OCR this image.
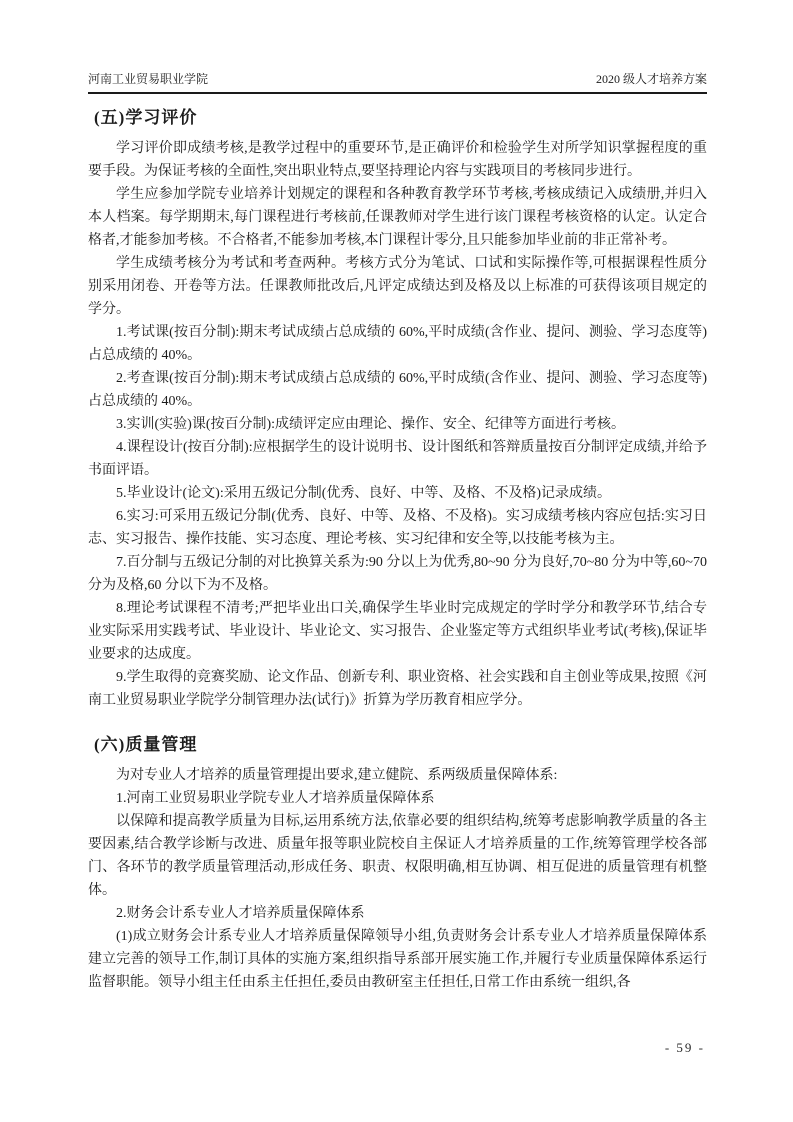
河南工业贸易职业学院	2020 级人才培养方案
(五)学习评价

学习评价即成绩考核,是教学过程中的重要环节,是正确评价和检验学生对所学知识掌握程度的重要手段。为保证考核的全面性,突出职业特点,要坚持理论内容与实践项目的考核同步进行。

学生应参加学院专业培养计划规定的课程和各种教育教学环节考核,考核成绩记入成绩册,并归入本人档案。每学期期末,每门课程进行考核前,任课教师对学生进行该门课程考核资格的认定。认定合格者,才能参加考核。不合格者,不能参加考核,本门课程计零分,且只能参加毕业前的非正常补考。

学生成绩考核分为考试和考查两种。考核方式分为笔试、口试和实际操作等,可根据课程性质分别采用闭卷、开卷等方法。任课教师批改后,凡评定成绩达到及格及以上标准的可获得该项目规定的学分。

1.考试课(按百分制):期末考试成绩占总成绩的 60%,平时成绩(含作业、提问、测验、学习态度等)占总成绩的 40%。

2.考查课(按百分制):期末考试成绩占总成绩的 60%,平时成绩(含作业、提问、测验、学习态度等)占总成绩的 40%。

3.实训(实验)课(按百分制):成绩评定应由理论、操作、安全、纪律等方面进行考核。

4.课程设计(按百分制):应根据学生的设计说明书、设计图纸和答辩质量按百分制评定成绩,并给予书面评语。

5.毕业设计(论文):采用五级记分制(优秀、良好、中等、及格、不及格)记录成绩。

6.实习:可采用五级记分制(优秀、良好、中等、及格、不及格)。实习成绩考核内容应包括:实习日志、实习报告、操作技能、实习态度、理论考核、实习纪律和安全等,以技能考核为主。

7.百分制与五级记分制的对比换算关系为:90 分以上为优秀,80~90 分为良好,70~80 分为中等,60~70 分为及格,60 分以下为不及格。

8.理论考试课程不清考;严把毕业出口关,确保学生毕业时完成规定的学时学分和教学环节,结合专业实际采用实践考试、毕业设计、毕业论文、实习报告、企业鉴定等方式组织毕业考试(考核),保证毕业要求的达成度。

9.学生取得的竞赛奖励、论文作品、创新专利、职业资格、社会实践和自主创业等成果,按照《河南工业贸易职业学院学分制管理办法(试行)》折算为学历教育相应学分。

(六)质量管理

为对专业人才培养的质量管理提出要求,建立健院、系两级质量保障体系:

1.河南工业贸易职业学院专业人才培养质量保障体系

以保障和提高教学质量为目标,运用系统方法,依靠必要的组织结构,统筹考虑影响教学质量的各主要因素,结合教学诊断与改进、质量年报等职业院校自主保证人才培养质量的工作,统筹管理学校各部门、各环节的教学质量管理活动,形成任务、职责、权限明确,相互协调、相互促进的质量管理有机整体。

2.财务会计系专业人才培养质量保障体系

(1)成立财务会计系专业人才培养质量保障领导小组,负责财务会计系专业人才培养质量保障体系建立完善的领导工作,制订具体的实施方案,组织指导系部开展实施工作,并履行专业质量保障体系运行监督职能。领导小组主任由系主任担任,委员由教研室主任担任,日常工作由系统一组织,各

- 59 -
